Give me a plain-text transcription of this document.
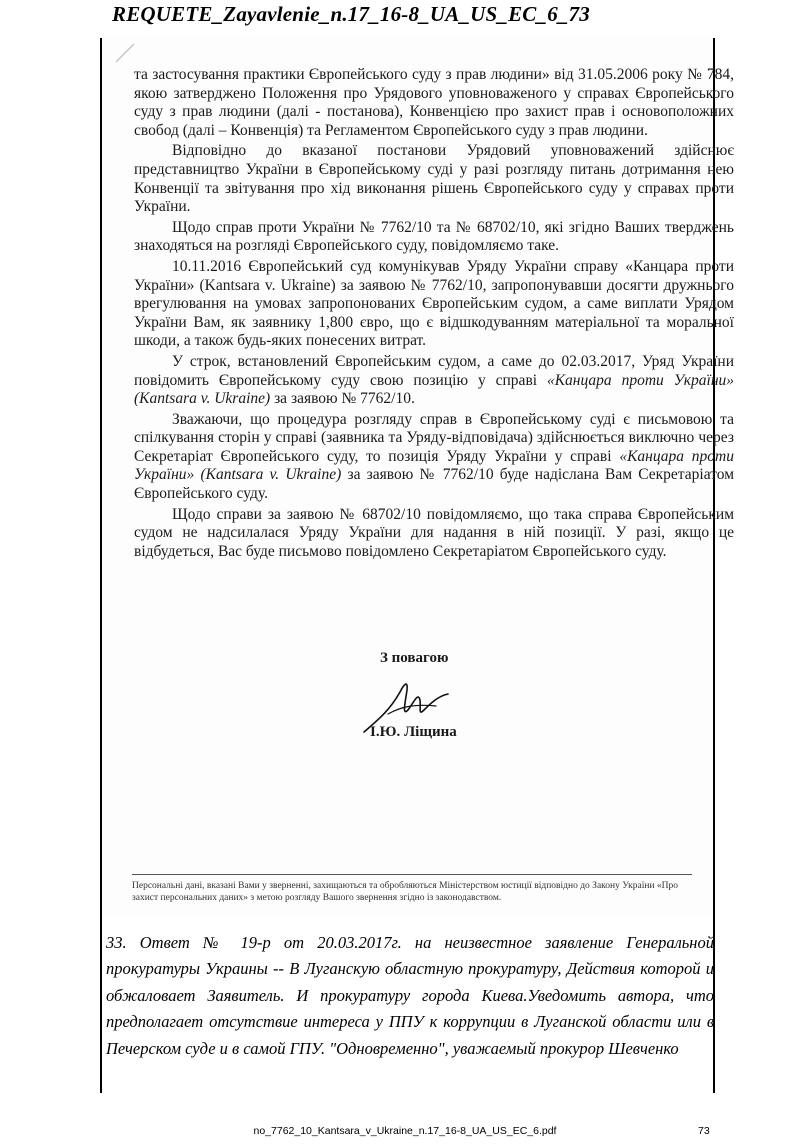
REQUETE_Zayavlenie_n.17_16-8_UA_US_EC_6_73

та застосування практики Європейського суду з прав людини» від 31.05.2006 року № 784, якою затверджено Положення про Урядового уповноваженого у справах Європейського суду з прав людини (далі - постанова), Конвенцією про захист прав і основоположних свобод (далі – Конвенція) та Регламентом Європейського суду з прав людини.

Відповідно до вказаної постанови Урядовий уповноважений здійснює представництво України в Європейському суді у разі розгляду питань дотримання нею Конвенції та звітування про хід виконання рішень Європейського суду у справах проти України.

Щодо справ проти України № 7762/10 та № 68702/10, які згідно Ваших тверджень знаходяться на розгляді Європейського суду, повідомляємо таке.

10.11.2016 Європейський суд комунікував Уряду України справу «Канцара проти України» (Kantsara v. Ukraine) за заявою № 7762/10, запропонувавши досягти дружнього врегулювання на умовах запропонованих Європейським судом, а саме виплати Урядом України Вам, як заявнику 1,800 євро, що є відшкодуванням матеріальної та моральної шкоди, а також будь-яких понесених витрат.

У строк, встановлений Європейським судом, а саме до 02.03.2017, Уряд України повідомить Європейському суду свою позицію у справі «Канцара проти України» (Kantsara v. Ukraine) за заявою № 7762/10.

Зважаючи, що процедура розгляду справ в Європейському суді є письмовою та спілкування сторін у справі (заявника та Уряду-відповідача) здійснюється виключно через Секретаріат Європейського суду, то позиція Уряду України у справі «Канцара проти України» (Kantsara v. Ukraine) за заявою № 7762/10 буде надіслана Вам Секретаріатом Європейського суду.

Щодо справи за заявою № 68702/10 повідомляємо, що така справа Європейським судом не надсилалася Уряду України для надання в ній позиції. У разі, якщо це відбудеться, Вас буде письмово повідомлено Секретаріатом Європейського суду.

З повагою
І.Ю. Ліщина
Персональні дані, вказані Вами у зверненні, захищаються та обробляються Міністерством юстиції відповідно до Закону України «Про захист персональних даних» з метою розгляду Вашого звернення згідно із законодавством.
33. Ответ № 19-р от 20.03.2017г. на неизвестное заявление Генеральной прокуратуры Украины -- В Луганскую областную прокуратуру, Действия которой и обжаловает Заявитель. И прокуратуру города Киева.Уведомить автора, что предполагает отсутствие интереса у ППУ к коррупции в Луганской области или в Печерском суде и в самой ГПУ. "Одновременно", уважаемый прокурор Шевченко
no_7762_10_Kantsara_v_Ukraine_n.17_16-8_UA_US_EC_6.pdf	73
